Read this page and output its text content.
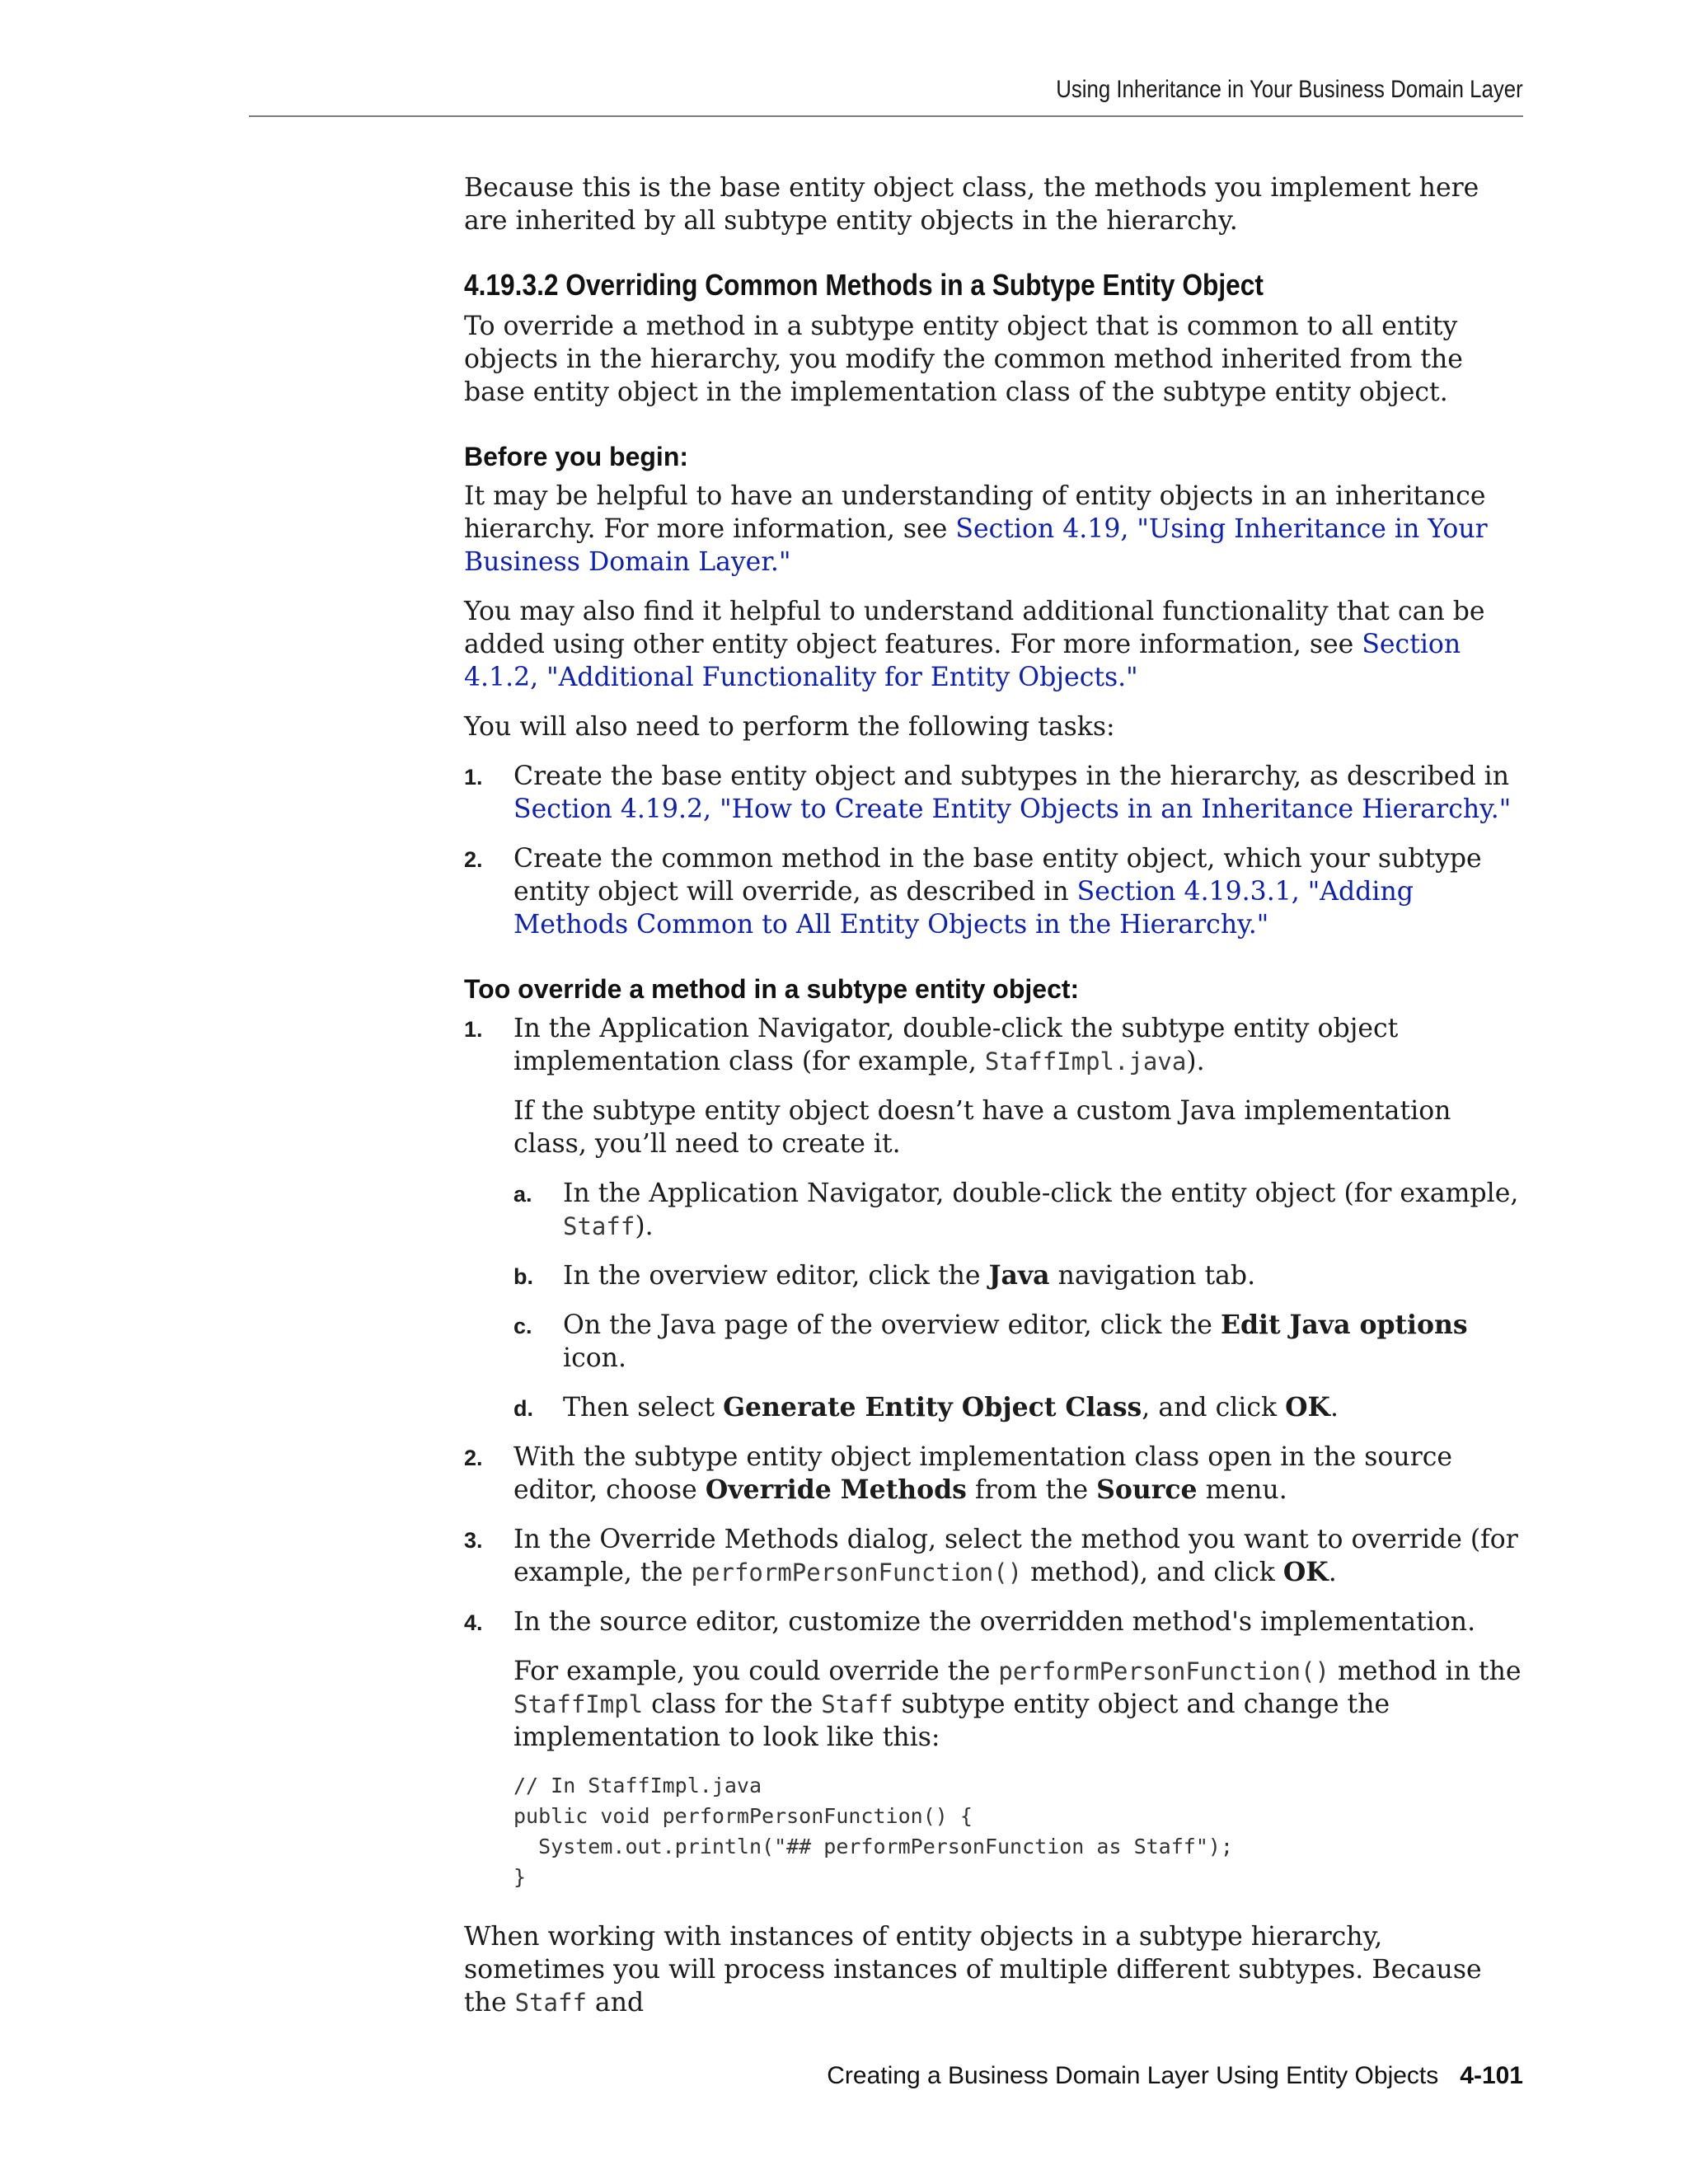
Using Inheritance in Your Business Domain Layer

Because this is the base entity object class, the methods you implement here are inherited by all subtype entity objects in the hierarchy.

4.19.3.2 Overriding Common Methods in a Subtype Entity Object

To override a method in a subtype entity object that is common to all entity objects in the hierarchy, you modify the common method inherited from the base entity object in the implementation class of the subtype entity object.

Before you begin:

It may be helpful to have an understanding of entity objects in an inheritance hierarchy. For more information, see Section 4.19, "Using Inheritance in Your Business Domain Layer."

You may also find it helpful to understand additional functionality that can be added using other entity object features. For more information, see Section 4.1.2, "Additional Functionality for Entity Objects."

You will also need to perform the following tasks:

1. Create the base entity object and subtypes in the hierarchy, as described in Section 4.19.2, "How to Create Entity Objects in an Inheritance Hierarchy."
2. Create the common method in the base entity object, which your subtype entity object will override, as described in Section 4.19.3.1, "Adding Methods Common to All Entity Objects in the Hierarchy."
Too override a method in a subtype entity object:
1. In the Application Navigator, double-click the subtype entity object implementation class (for example, StaffImpl.java).

If the subtype entity object doesn’t have a custom Java implementation class, you’ll need to create it.

a. In the Application Navigator, double-click the entity object (for example, Staff).
b. In the overview editor, click the Java navigation tab.
c. On the Java page of the overview editor, click the Edit Java options icon.
d. Then select Generate Entity Object Class, and click OK.
2. With the subtype entity object implementation class open in the source editor, choose Override Methods from the Source menu.
3. In the Override Methods dialog, select the method you want to override (for example, the performPersonFunction() method), and click OK.
4. In the source editor, customize the overridden method's implementation.

For example, you could override the performPersonFunction() method in the StaffImpl class for the Staff subtype entity object and change the implementation to look like this:

// In StaffImpl.java
public void performPersonFunction() {
System.out.println("## performPersonFunction as Staff");
}

When working with instances of entity objects in a subtype hierarchy, sometimes you will process instances of multiple different subtypes. Because the Staff and

Creating a Business Domain Layer Using Entity Objects 4-101
